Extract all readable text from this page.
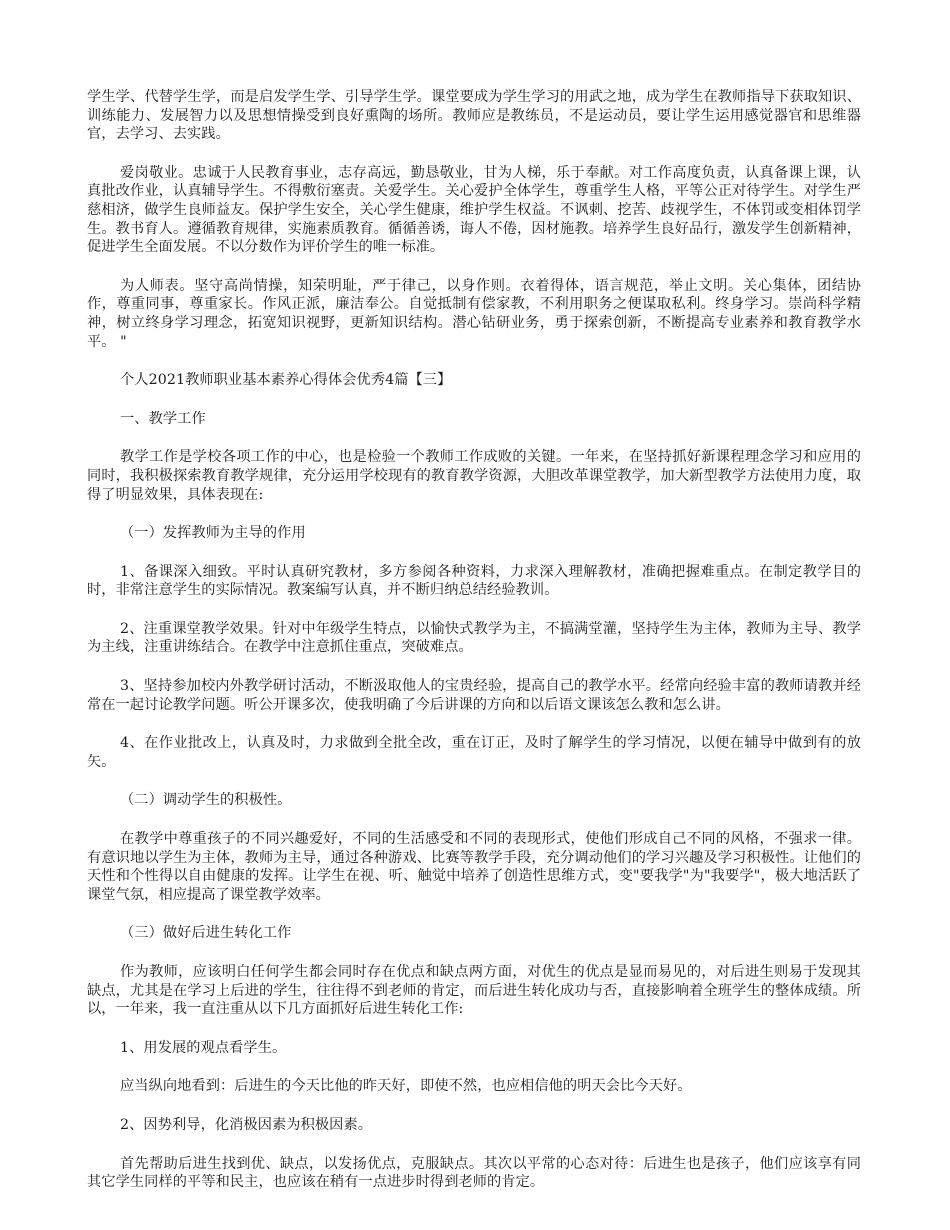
学生学、代替学生学，而是启发学生学、引导学生学。课堂要成为学生学习的用武之地，成为学生在教师指导下获取知识、训练能力、发展智力以及思想情操受到良好熏陶的场所。教师应是教练员，不是运动员，要让学生运用感觉器官和思维器官，去学习、去实践。

爱岗敬业。忠诚于人民教育事业，志存高远，勤恳敬业，甘为人梯，乐于奉献。对工作高度负责，认真备课上课，认真批改作业，认真辅导学生。不得敷衍塞责。关爱学生。关心爱护全体学生，尊重学生人格，平等公正对待学生。对学生严慈相济，做学生良师益友。保护学生安全，关心学生健康，维护学生权益。不讽刺、挖苦、歧视学生，不体罚或变相体罚学生。教书育人。遵循教育规律，实施素质教育。循循善诱，诲人不倦，因材施教。培养学生良好品行，激发学生创新精神，促进学生全面发展。不以分数作为评价学生的唯一标准。

为人师表。坚守高尚情操，知荣明耻，严于律己，以身作则。衣着得体，语言规范，举止文明。关心集体，团结协作，尊重同事，尊重家长。作风正派，廉洁奉公。自觉抵制有偿家教，不利用职务之便谋取私利。终身学习。崇尚科学精神，树立终身学习理念，拓宽知识视野，更新知识结构。潜心钻研业务，勇于探索创新，不断提高专业素养和教育教学水平。 "

个人2021教师职业基本素养心得体会优秀4篇【三】

一、教学工作

教学工作是学校各项工作的中心，也是检验一个教师工作成败的关键。一年来，在坚持抓好新课程理念学习和应用的同时，我积极探索教育教学规律，充分运用学校现有的教育教学资源，大胆改革课堂教学，加大新型教学方法使用力度，取得了明显效果，具体表现在:

（一）发挥教师为主导的作用

1、备课深入细致。平时认真研究教材，多方参阅各种资料，力求深入理解教材，准确把握难重点。在制定教学目的时，非常注意学生的实际情况。教案编写认真，并不断归纳总结经验教训。

2、注重课堂教学效果。针对中年级学生特点，以愉快式教学为主，不搞满堂灌，坚持学生为主体，教师为主导、教学为主线，注重讲练结合。在教学中注意抓住重点，突破难点。

3、坚持参加校内外教学研讨活动，不断汲取他人的宝贵经验，提高自己的教学水平。经常向经验丰富的教师请教并经常在一起讨论教学问题。听公开课多次，使我明确了今后讲课的方向和以后语文课该怎么教和怎么讲。

4、在作业批改上，认真及时，力求做到全批全改，重在订正，及时了解学生的学习情况，以便在辅导中做到有的放矢。

（二）调动学生的积极性。

在教学中尊重孩子的不同兴趣爱好，不同的生活感受和不同的表现形式，使他们形成自己不同的风格，不强求一律。有意识地以学生为主体，教师为主导，通过各种游戏、比赛等教学手段，充分调动他们的学习兴趣及学习积极性。让他们的天性和个性得以自由健康的发挥。让学生在视、听、触觉中培养了创造性思维方式，变"要我学"为"我要学"，极大地活跃了课堂气氛，相应提高了课堂教学效率。

（三）做好后进生转化工作

作为教师，应该明白任何学生都会同时存在优点和缺点两方面，对优生的优点是显而易见的，对后进生则易于发现其缺点，尤其是在学习上后进的学生，往往得不到老师的肯定，而后进生转化成功与否，直接影响着全班学生的整体成绩。所以，一年来，我一直注重从以下几方面抓好后进生转化工作:

1、用发展的观点看学生。

应当纵向地看到：后进生的今天比他的昨天好，即使不然，也应相信他的明天会比今天好。

2、因势利导，化消极因素为积极因素。

首先帮助后进生找到优、缺点，以发扬优点，克服缺点。其次以平常的心态对待：后进生也是孩子，他们应该享有同其它学生同样的平等和民主，也应该在稍有一点进步时得到老师的肯定。
